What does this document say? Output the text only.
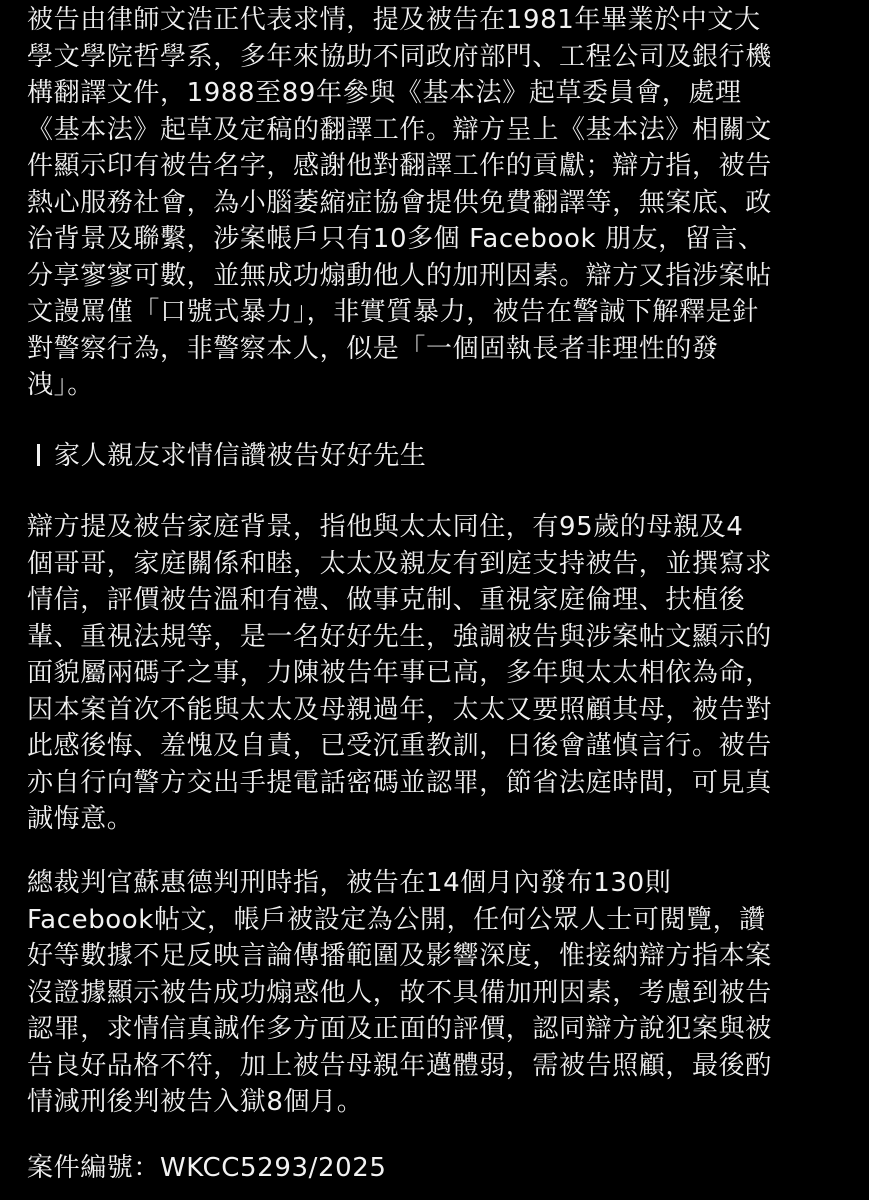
被告由律師文浩正代表求情，提及被告在1981年畢業於中文大
學文學院哲學系，多年來協助不同政府部門、工程公司及銀行機
構翻譯文件，1988至89年參與《基本法》起草委員會，處理
《基本法》起草及定稿的翻譯工作。辯方呈上《基本法》相關文
件顯示印有被告名字，感謝他對翻譯工作的貢獻；辯方指，被告
熱心服務社會，為小腦萎縮症協會提供免費翻譯等，無案底、政
治背景及聯繫，涉案帳戶只有10多個 Facebook 朋友，留言、
分享寥寥可數，並無成功煽動他人的加刑因素。辯方又指涉案帖
文謾罵僅「口號式暴力」，非實質暴力，被告在警誡下解釋是針
對警察行為，非警察本人，似是「一個固執長者非理性的發
洩」。
家人親友求情信讚被告好好先生
辯方提及被告家庭背景，指他與太太同住，有95歲的母親及4
個哥哥，家庭關係和睦，太太及親友有到庭支持被告，並撰寫求
情信，評價被告溫和有禮、做事克制、重視家庭倫理、扶植後
輩、重視法規等，是一名好好先生，強調被告與涉案帖文顯示的
面貌屬兩碼子之事，力陳被告年事已高，多年與太太相依為命，
因本案首次不能與太太及母親過年，太太又要照顧其母，被告對
此感後悔、羞愧及自責，已受沉重教訓，日後會謹慎言行。被告
亦自行向警方交出手提電話密碼並認罪，節省法庭時間，可見真
誠悔意。
總裁判官蘇惠德判刑時指，被告在14個月內發布130則
Facebook帖文，帳戶被設定為公開，任何公眾人士可閱覽，讚
好等數據不足反映言論傳播範圍及影響深度，惟接納辯方指本案
沒證據顯示被告成功煽惑他人，故不具備加刑因素，考慮到被告
認罪，求情信真誠作多方面及正面的評價，認同辯方說犯案與被
告良好品格不符，加上被告母親年邁體弱，需被告照顧，最後酌
情減刑後判被告入獄8個月。
案件編號：WKCC5293/2025
